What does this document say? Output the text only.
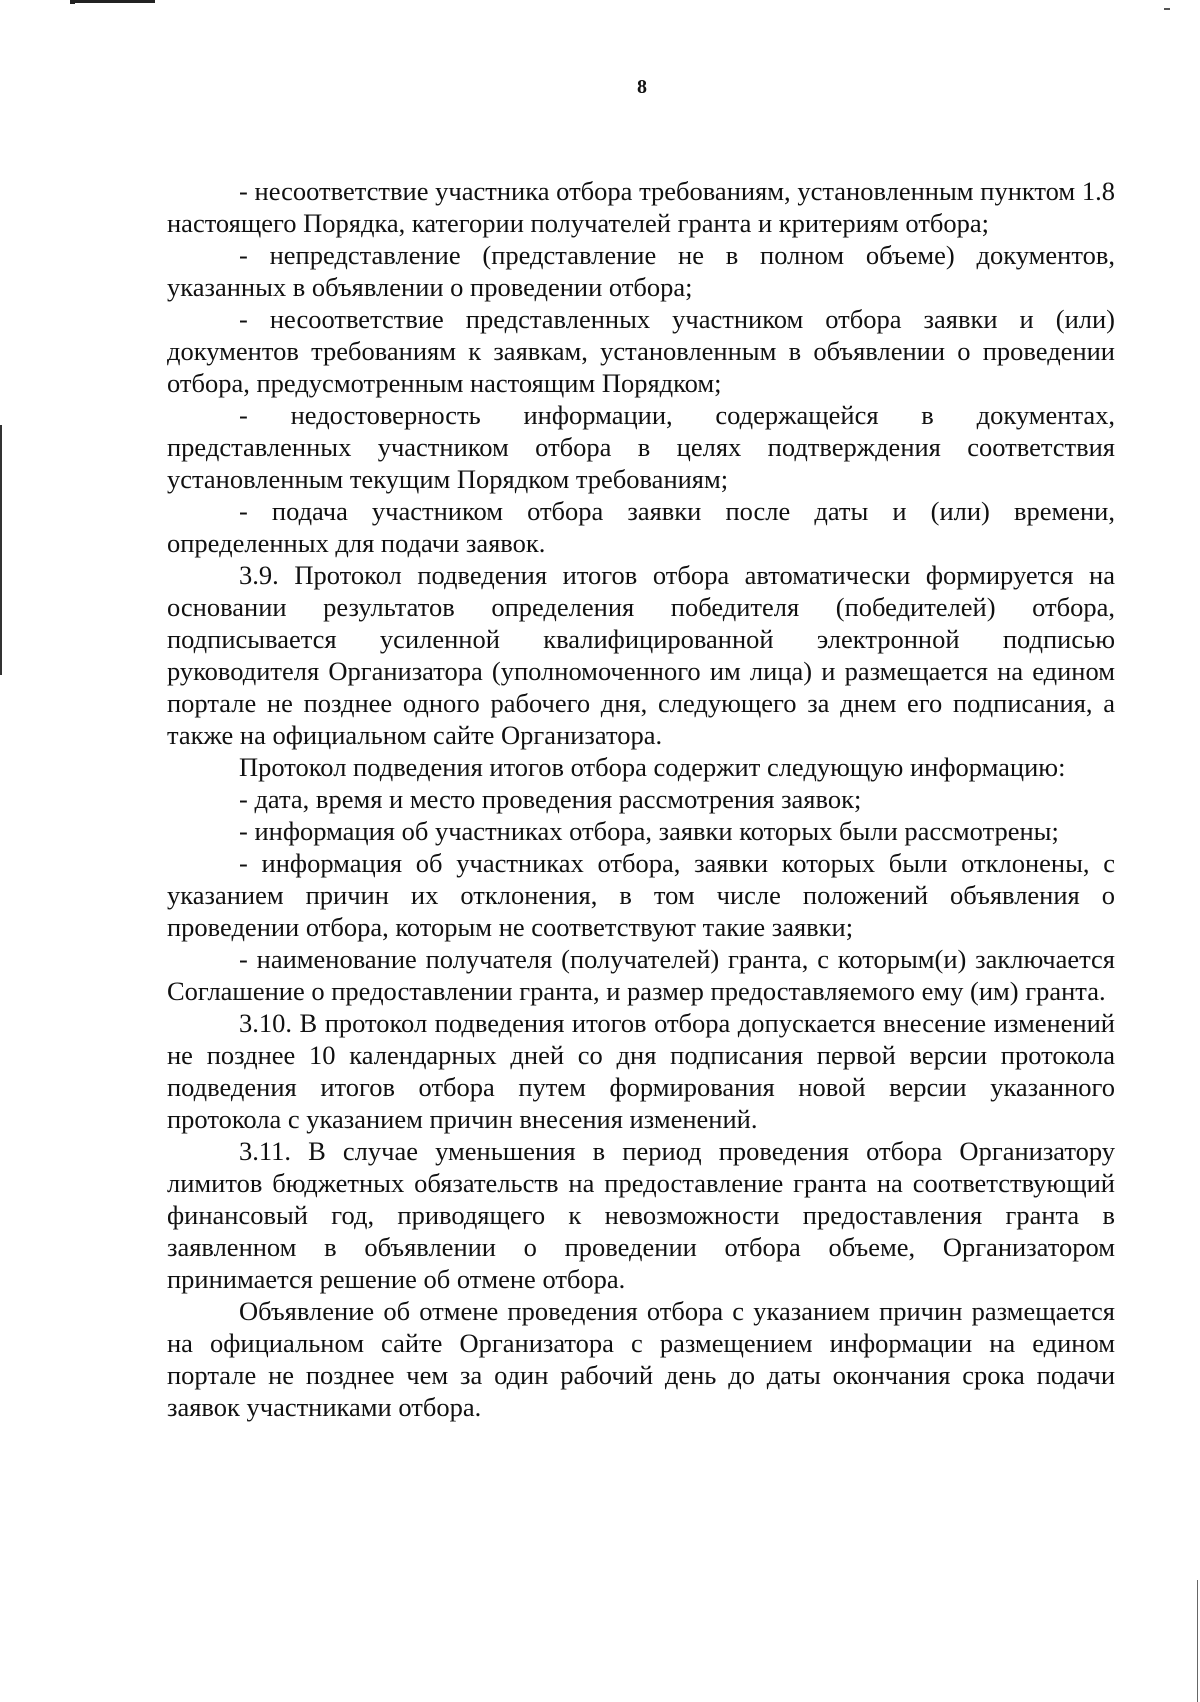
8

- несоответствие участника отбора требованиям, установленным пунктом 1.8 настоящего Порядка, категории получателей гранта и критериям отбора;

- непредставление (представление не в полном объеме) документов, указанных в объявлении о проведении отбора;

- несоответствие представленных участником отбора заявки и (или) документов требованиям к заявкам, установленным в объявлении о проведении отбора, предусмотренным настоящим Порядком;

- недостоверность информации, содержащейся в документах, представленных участником отбора в целях подтверждения соответствия установленным текущим Порядком требованиям;

- подача участником отбора заявки после даты и (или) времени, определенных для подачи заявок.

3.9. Протокол подведения итогов отбора автоматически формируется на основании результатов определения победителя (победителей) отбора, подписывается усиленной квалифицированной электронной подписью руководителя Организатора (уполномоченного им лица) и размещается на едином портале не позднее одного рабочего дня, следующего за днем его подписания, а также на официальном сайте Организатора.

Протокол подведения итогов отбора содержит следующую информацию:

- дата, время и место проведения рассмотрения заявок;

- информация об участниках отбора, заявки которых были рассмотрены;

- информация об участниках отбора, заявки которых были отклонены, с указанием причин их отклонения, в том числе положений объявления о проведении отбора, которым не соответствуют такие заявки;

- наименование получателя (получателей) гранта, с которым(и) заключается Соглашение о предоставлении гранта, и размер предоставляемого ему (им) гранта.

3.10. В протокол подведения итогов отбора допускается внесение изменений не позднее 10 календарных дней со дня подписания первой версии протокола подведения итогов отбора путем формирования новой версии указанного протокола с указанием причин внесения изменений.

3.11. В случае уменьшения в период проведения отбора Организатору лимитов бюджетных обязательств на предоставление гранта на соответствующий финансовый год, приводящего к невозможности предоставления гранта в заявленном в объявлении о проведении отбора объеме, Организатором принимается решение об отмене отбора.

Объявление об отмене проведения отбора с указанием причин размещается на официальном сайте Организатора с размещением информации на едином портале не позднее чем за один рабочий день до даты окончания срока подачи заявок участниками отбора.
